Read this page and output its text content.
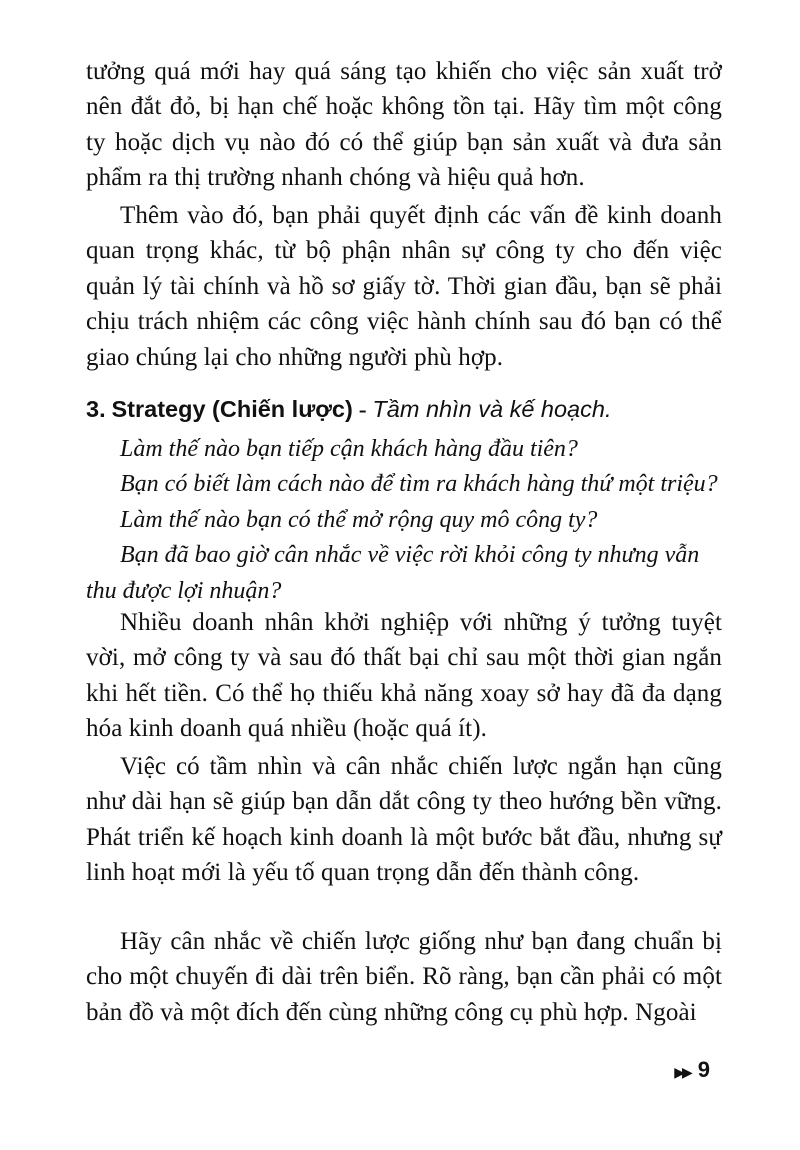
tưởng quá mới hay quá sáng tạo khiến cho việc sản xuất trở nên đắt đỏ, bị hạn chế hoặc không tồn tại. Hãy tìm một công ty hoặc dịch vụ nào đó có thể giúp bạn sản xuất và đưa sản phẩm ra thị trường nhanh chóng và hiệu quả hơn.

Thêm vào đó, bạn phải quyết định các vấn đề kinh doanh quan trọng khác, từ bộ phận nhân sự công ty cho đến việc quản lý tài chính và hồ sơ giấy tờ. Thời gian đầu, bạn sẽ phải chịu trách nhiệm các công việc hành chính sau đó bạn có thể giao chúng lại cho những người phù hợp.

3. Strategy (Chiến lược) - Tầm nhìn và kế hoạch.
Làm thế nào bạn tiếp cận khách hàng đầu tiên?
Bạn có biết làm cách nào để tìm ra khách hàng thứ một triệu?
Làm thế nào bạn có thể mở rộng quy mô công ty?
Bạn đã bao giờ cân nhắc về việc rời khỏi công ty nhưng vẫn thu được lợi nhuận?

Nhiều doanh nhân khởi nghiệp với những ý tưởng tuyệt vời, mở công ty và sau đó thất bại chỉ sau một thời gian ngắn khi hết tiền. Có thể họ thiếu khả năng xoay sở hay đã đa dạng hóa kinh doanh quá nhiều (hoặc quá ít).

Việc có tầm nhìn và cân nhắc chiến lược ngắn hạn cũng như dài hạn sẽ giúp bạn dẫn dắt công ty theo hướng bền vững. Phát triển kế hoạch kinh doanh là một bước bắt đầu, nhưng sự linh hoạt mới là yếu tố quan trọng dẫn đến thành công.

Hãy cân nhắc về chiến lược giống như bạn đang chuẩn bị cho một chuyến đi dài trên biển. Rõ ràng, bạn cần phải có một bản đồ và một đích đến cùng những công cụ phù hợp. Ngoài

▶▶ 9
